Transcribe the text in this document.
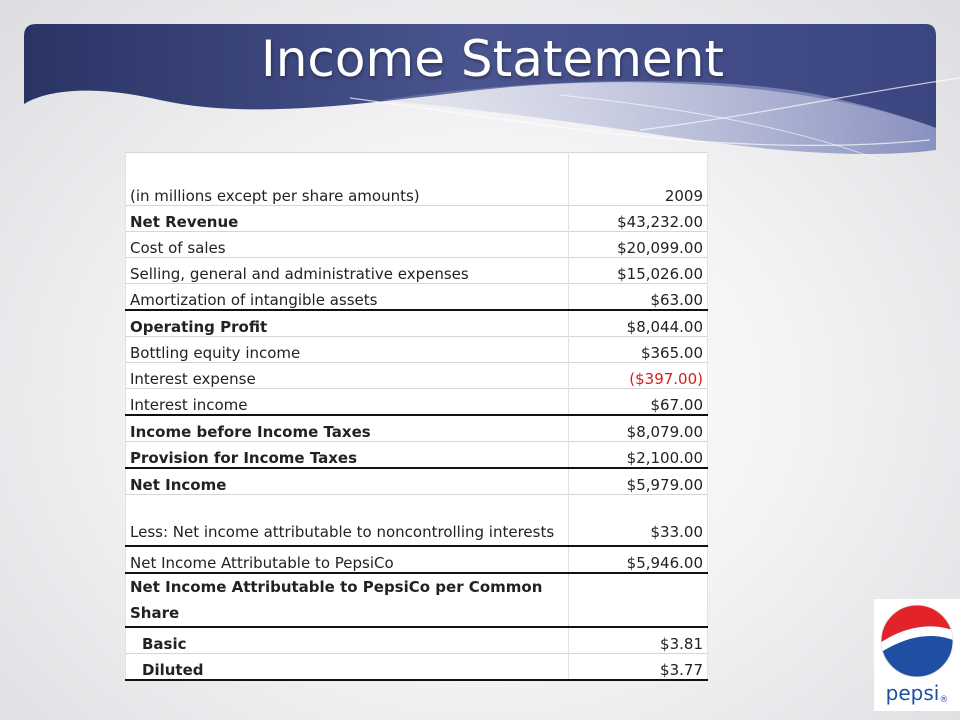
Income Statement
(in millions except per share amounts)	2009
Net Revenue	$43,232.00
Cost of sales	$20,099.00
Selling, general and administrative expenses	$15,026.00
Amortization of intangible assets	$63.00
Operating Profit	$8,044.00
Bottling equity income	$365.00
Interest expense	($397.00)
Interest income	$67.00
Income before Income Taxes	$8,079.00
Provision for Income Taxes	$2,100.00
Net Income	$5,979.00
Less: Net income attributable to noncontrolling interests	$33.00
Net Income Attributable to PepsiCo	$5,946.00
Net Income Attributable to PepsiCo per Common Share	
Basic	$3.81
Diluted	$3.77
pepsi®
